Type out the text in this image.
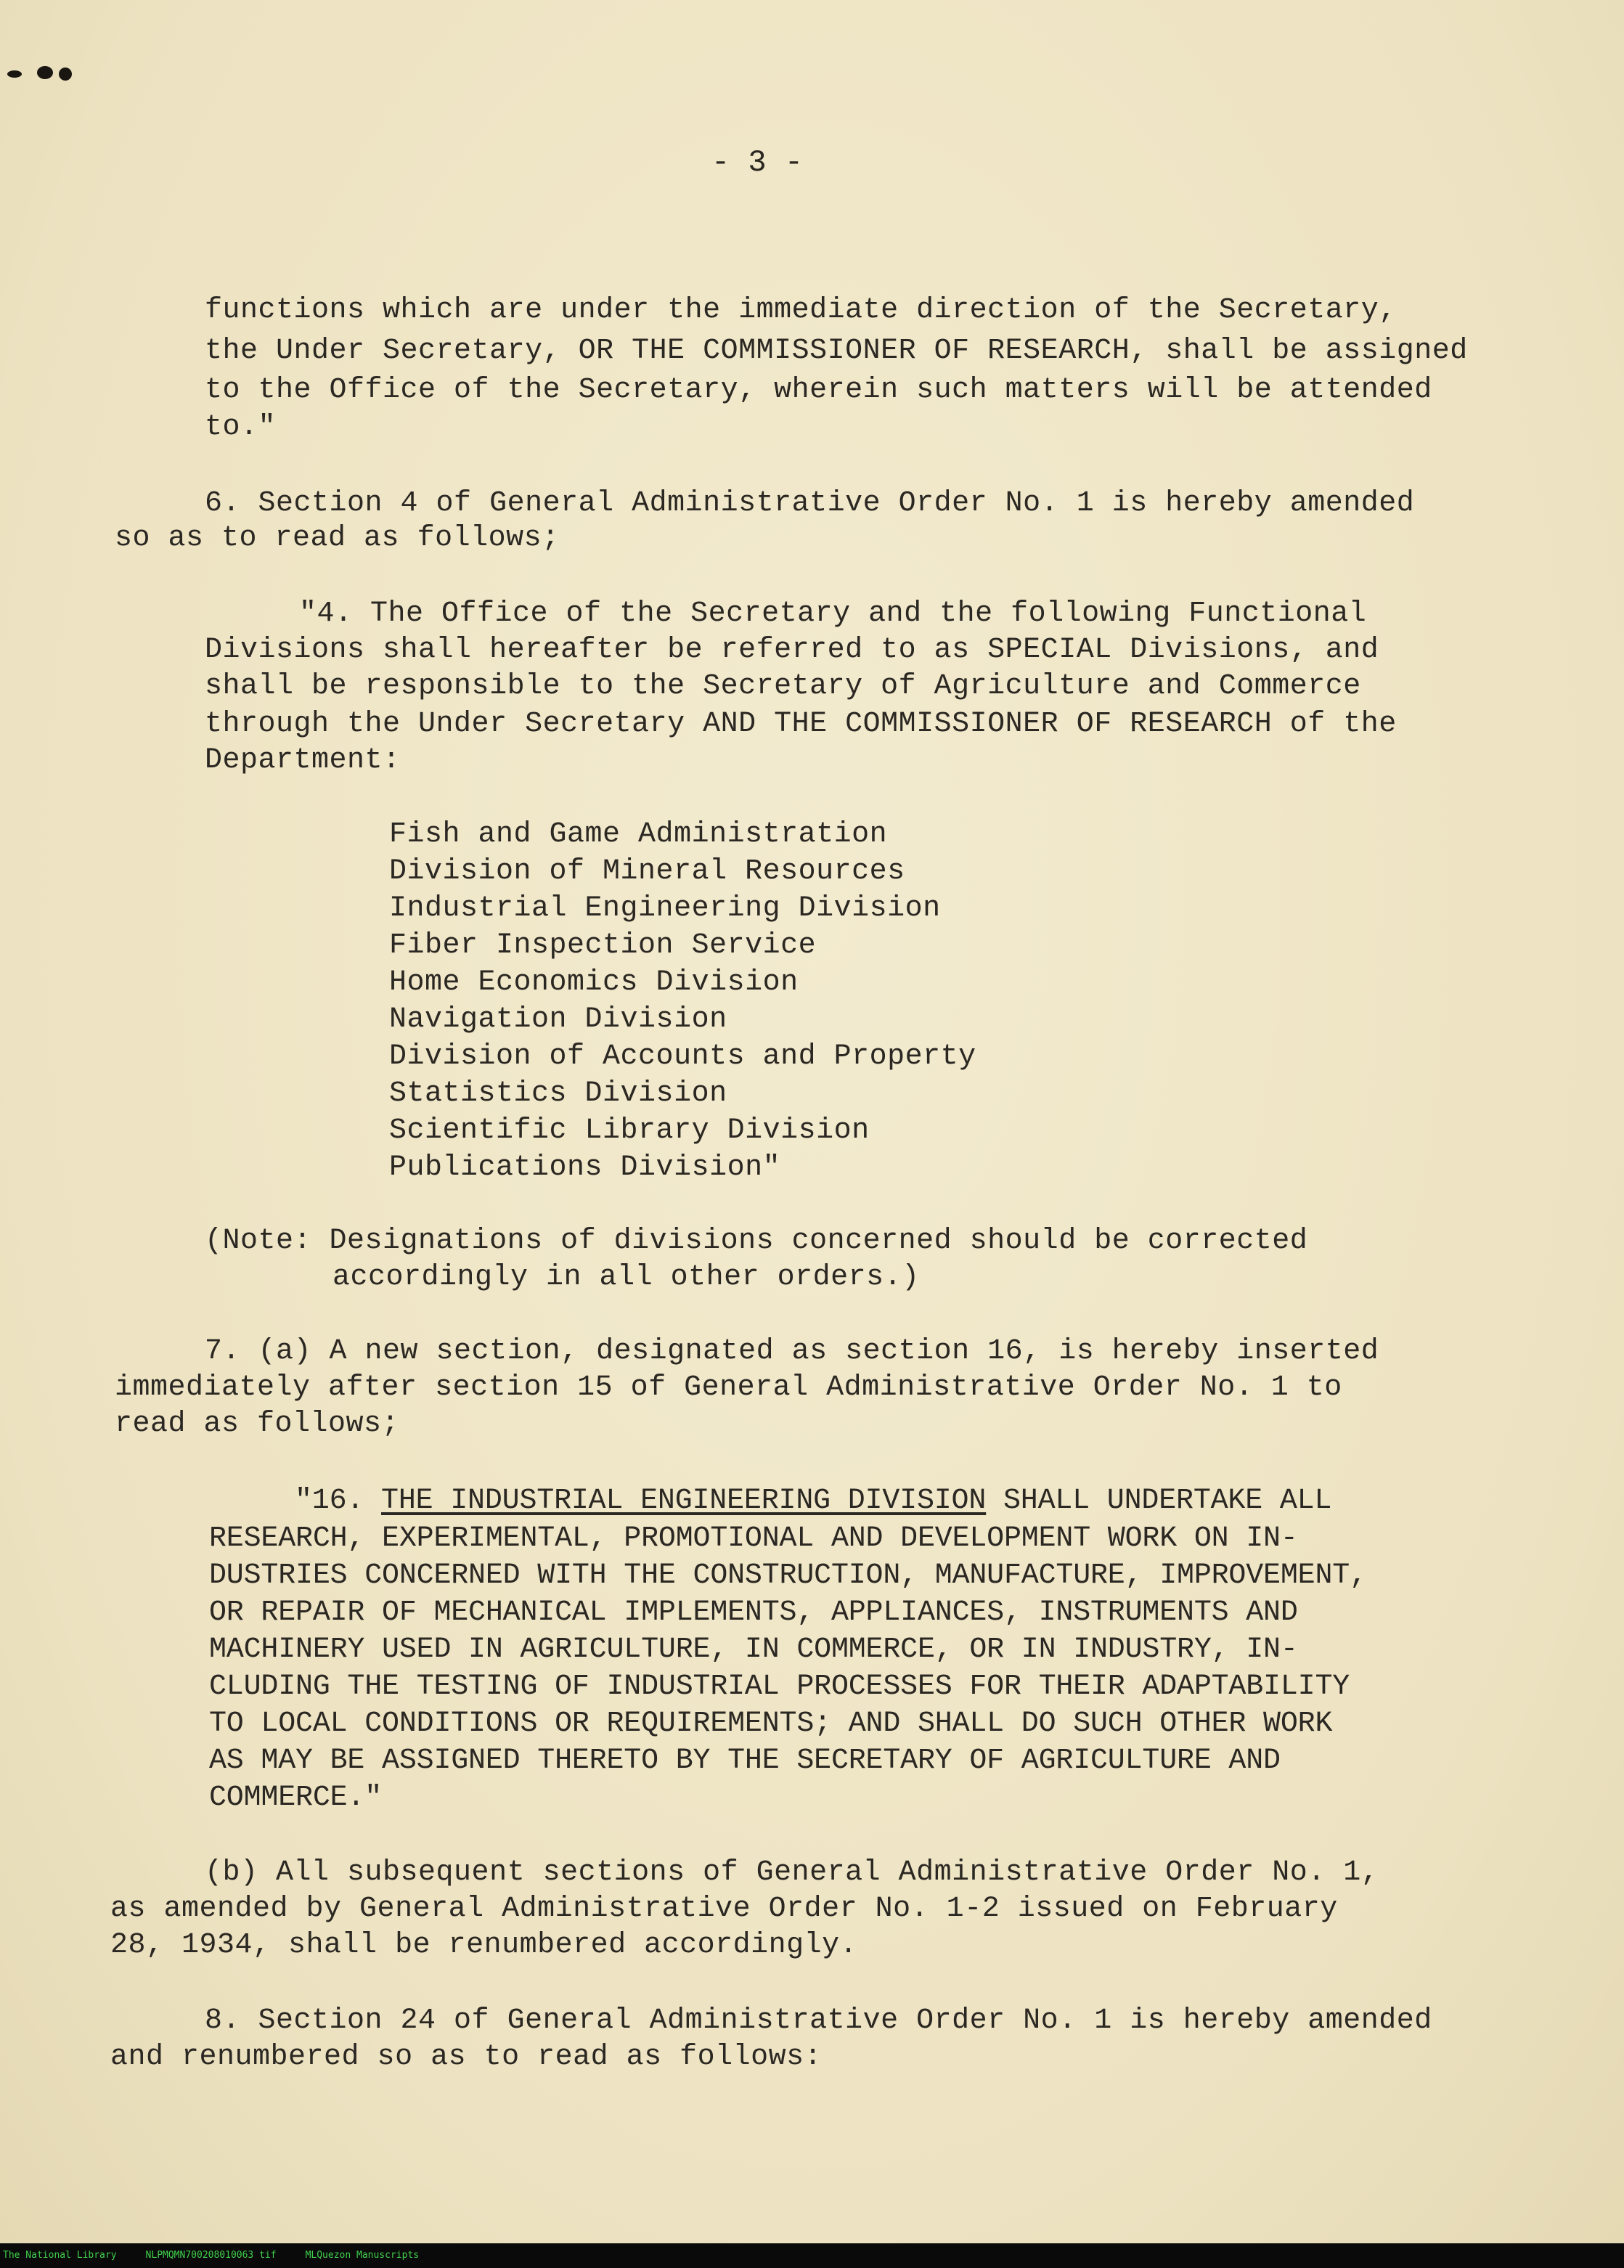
- 3 -
functions which are under the immediate direction of the Secretary,
the Under Secretary, OR THE COMMISSIONER OF RESEARCH, shall be assigned
to the Office of the Secretary, wherein such matters will be attended
to."
6. Section 4 of General Administrative Order No. 1 is hereby amended
so as to read as follows;
"4. The Office of the Secretary and the following Functional
Divisions shall hereafter be referred to as SPECIAL Divisions, and
shall be responsible to the Secretary of Agriculture and Commerce
through the Under Secretary AND THE COMMISSIONER OF RESEARCH of the
Department:
Fish and Game Administration
Division of Mineral Resources
Industrial Engineering Division
Fiber Inspection Service
Home Economics Division
Navigation Division
Division of Accounts and Property
Statistics Division
Scientific Library Division
Publications Division"
(Note: Designations of divisions concerned should be corrected
accordingly in all other orders.)
7. (a) A new section, designated as section 16, is hereby inserted
immediately after section 15 of General Administrative Order No. 1 to
read as follows;
"16. THE INDUSTRIAL ENGINEERING DIVISION SHALL UNDERTAKE ALL
RESEARCH, EXPERIMENTAL, PROMOTIONAL AND DEVELOPMENT WORK ON IN-
DUSTRIES CONCERNED WITH THE CONSTRUCTION, MANUFACTURE, IMPROVEMENT,
OR REPAIR OF MECHANICAL IMPLEMENTS, APPLIANCES, INSTRUMENTS AND
MACHINERY USED IN AGRICULTURE, IN COMMERCE, OR IN INDUSTRY, IN-
CLUDING THE TESTING OF INDUSTRIAL PROCESSES FOR THEIR ADAPTABILITY
TO LOCAL CONDITIONS OR REQUIREMENTS; AND SHALL DO SUCH OTHER WORK
AS MAY BE ASSIGNED THERETO BY THE SECRETARY OF AGRICULTURE AND
COMMERCE."
(b) All subsequent sections of General Administrative Order No. 1,
as amended by General Administrative Order No. 1-2 issued on February
28, 1934, shall be renumbered accordingly.
8. Section 24 of General Administrative Order No. 1 is hereby amended
and renumbered so as to read as follows:
The National Library	NLPMQMN700208010063 tif	MLQuezon Manuscripts
